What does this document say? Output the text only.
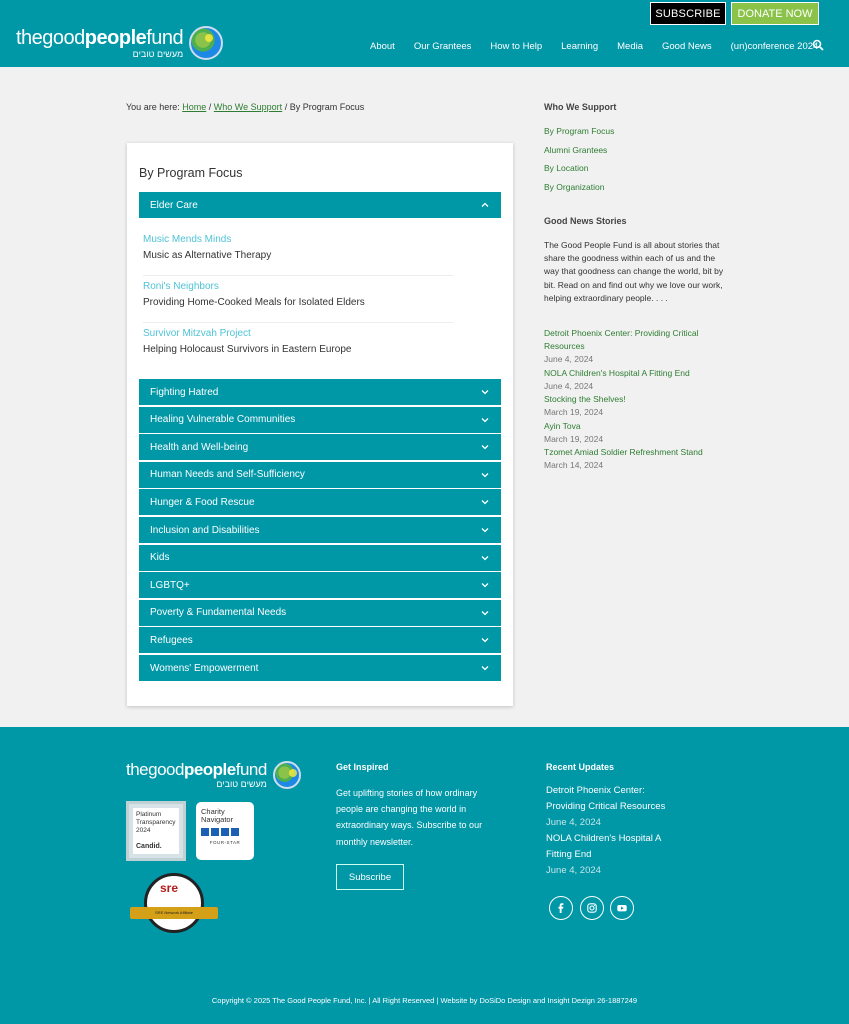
SUBSCRIBE	DONATE NOW
thegoodpeoplefund
מעשים טובים
About Our Grantees How to Help Learning Media Good News (un)conference 2024
You are here: Home / Who We Support / By Program Focus
By Program Focus
Elder Care
Music Mends Minds
Music as Alternative Therapy
Roni's Neighbors
Providing Home-Cooked Meals for Isolated Elders
Survivor Mitzvah Project
Helping Holocaust Survivors in Eastern Europe
Fighting Hatred
Healing Vulnerable Communities
Health and Well-being
Human Needs and Self-Sufficiency
Hunger & Food Rescue
Inclusion and Disabilities
Kids
LGBTQ+
Poverty & Fundamental Needs
Refugees
Womens' Empowerment
Who We Support
By Program Focus
Alumni Grantees
By Location
By Organization
Good News Stories
The Good People Fund is all about stories that share the goodness within each of us and the way that goodness can change the world, bit by bit. Read on and find out why we love our work, helping extraordinary people. . . .
Detroit Phoenix Center: Providing Critical Resources
June 4, 2024
NOLA Children's Hospital A Fitting End
June 4, 2024
Stocking the Shelves!
March 19, 2024
Ayin Tova
March 19, 2024
Tzomet Amiad Soldier Refreshment Stand
March 14, 2024
thegoodpeoplefund
מעשים טובים
Platinum
Transparency
2024
Candid.
Charity
Navigator
FOUR-STAR
sre
SRE Network Affiliate
Get Inspired
Get uplifting stories of how ordinary people are changing the world in extraordinary ways. Subscribe to our monthly newsletter.
Subscribe
Recent Updates
Detroit Phoenix Center: Providing Critical Resources
June 4, 2024
NOLA Children's Hospital A Fitting End
June 4, 2024
Copyright © 2025 The Good People Fund, Inc. | All Right Reserved | Website by DoSiDo Design and Insight Dezign 26-1887249
